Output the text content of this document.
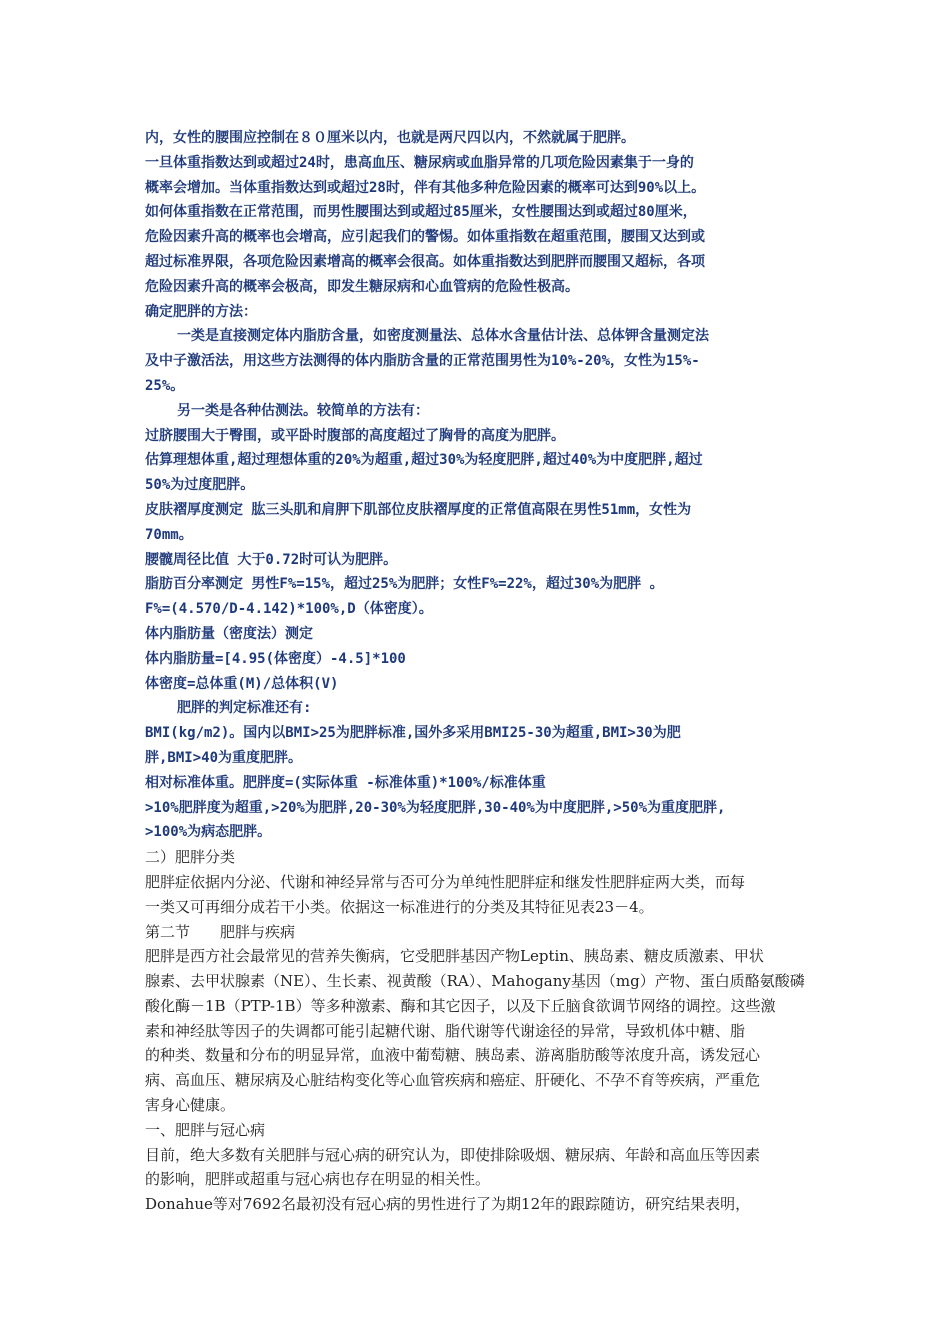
内，女性的腰围应控制在８０厘米以内，也就是两尺四以内，不然就属于肥胖。
一旦体重指数达到或超过24时，患高血压、糖尿病或血脂异常的几项危险因素集于一身的
概率会增加。当体重指数达到或超过28时，伴有其他多种危险因素的概率可达到90%以上。
如何体重指数在正常范围，而男性腰围达到或超过85厘米，女性腰围达到或超过80厘米，
危险因素升高的概率也会增高，应引起我们的警惕。如体重指数在超重范围，腰围又达到或
超过标准界限，各项危险因素增高的概率会很高。如体重指数达到肥胖而腰围又超标，各项
危险因素升高的概率会极高，即发生糖尿病和心血管病的危险性极高。
确定肥胖的方法：
一类是直接测定体内脂肪含量，如密度测量法、总体水含量估计法、总体钾含量测定法
及中子激活法，用这些方法测得的体内脂肪含量的正常范围男性为10%-20%，女性为15%-
25%。
另一类是各种估测法。较简单的方法有：
过脐腰围大于臀围，或平卧时腹部的高度超过了胸骨的高度为肥胖。
估算理想体重,超过理想体重的20%为超重,超过30%为轻度肥胖,超过40%为中度肥胖,超过
50%为过度肥胖。
皮肤褶厚度测定 肱三头肌和肩胛下肌部位皮肤褶厚度的正常值高限在男性51mm，女性为
70mm。
腰髋周径比值 大于0.72时可认为肥胖。
脂肪百分率测定 男性F%=15%，超过25%为肥胖；女性F%=22%，超过30%为肥胖 。
F%=(4.570/D-4.142)*100%,D（体密度）。
体内脂肪量（密度法）测定
体内脂肪量=[4.95(体密度）-4.5]*100
体密度=总体重(M)/总体积(V)
肥胖的判定标准还有:
BMI(kg/m2)。国内以BMI>25为肥胖标准,国外多采用BMI25-30为超重,BMI>30为肥
胖,BMI>40为重度肥胖。
相对标准体重。肥胖度=(实际体重 -标准体重)*100%/标准体重
>10%肥胖度为超重,>20%为肥胖,20-30%为轻度肥胖,30-40%为中度肥胖,>50%为重度肥胖,
>100%为病态肥胖。
二）肥胖分类
肥胖症依据内分泌、代谢和神经异常与否可分为单纯性肥胖症和继发性肥胖症两大类，而每
一类又可再细分成若干小类。依据这一标准进行的分类及其特征见表23－4。
第二节　　肥胖与疾病
肥胖是西方社会最常见的营养失衡病，它受肥胖基因产物Leptin、胰岛素、糖皮质激素、甲状
腺素、去甲状腺素（NE）、生长素、视黄酸（RA）、Mahogany基因（mg）产物、蛋白质酪氨酸磷
酸化酶－1B（PTP-1B）等多种激素、酶和其它因子，以及下丘脑食欲调节网络的调控。这些激
素和神经肽等因子的失调都可能引起糖代谢、脂代谢等代谢途径的异常，导致机体中糖、脂
的种类、数量和分布的明显异常，血液中葡萄糖、胰岛素、游离脂肪酸等浓度升高，诱发冠心
病、高血压、糖尿病及心脏结构变化等心血管疾病和癌症、肝硬化、不孕不育等疾病，严重危
害身心健康。
一、肥胖与冠心病
目前，绝大多数有关肥胖与冠心病的研究认为，即使排除吸烟、糖尿病、年龄和高血压等因素
的影响，肥胖或超重与冠心病也存在明显的相关性。
Donahue等对7692名最初没有冠心病的男性进行了为期12年的跟踪随访，研究结果表明，
